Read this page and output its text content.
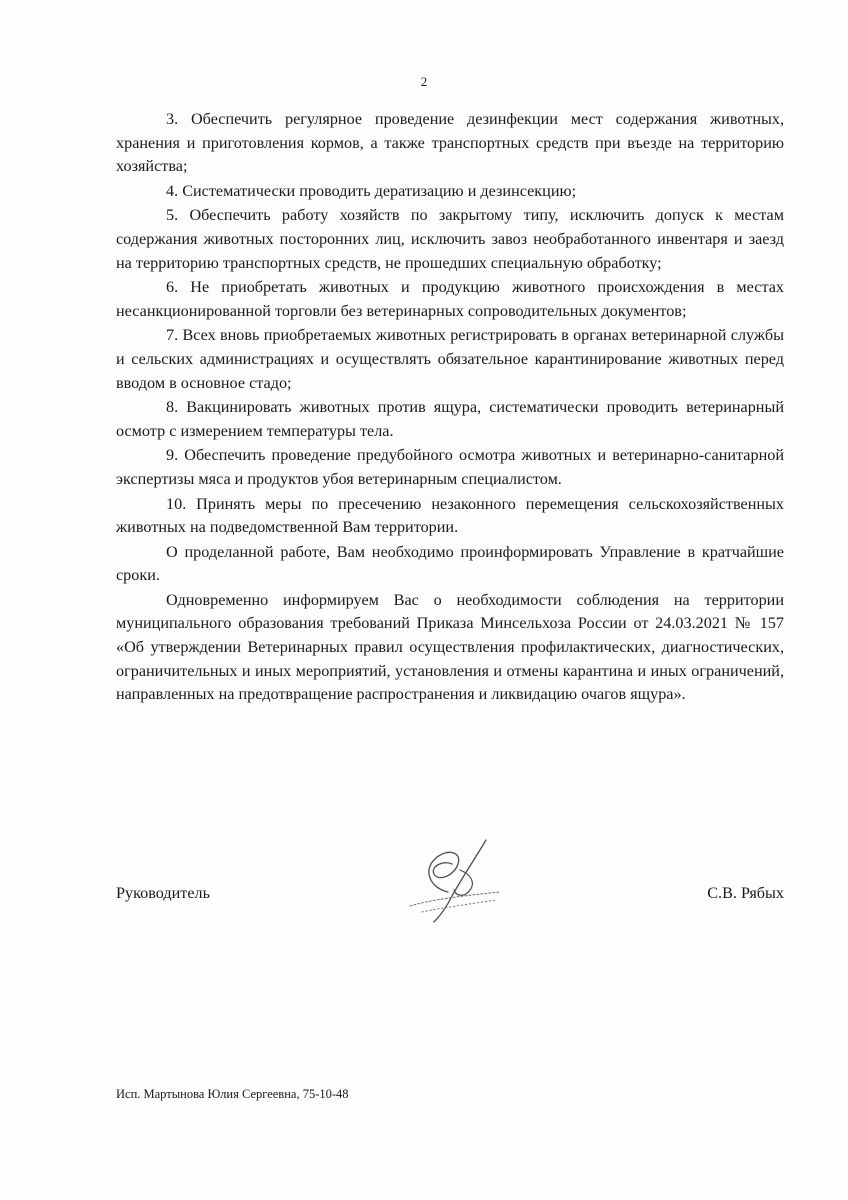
2

3. Обеспечить регулярное проведение дезинфекции мест содержания животных, хранения и приготовления кормов, а также транспортных средств при въезде на территорию хозяйства;

4. Систематически проводить дератизацию и дезинсекцию;

5. Обеспечить работу хозяйств по закрытому типу, исключить допуск к местам содержания животных посторонних лиц, исключить завоз необработанного инвентаря и заезд на территорию транспортных средств, не прошедших специальную обработку;

6. Не приобретать животных и продукцию животного происхождения в местах несанкционированной торговли без ветеринарных сопроводительных документов;

7. Всех вновь приобретаемых животных регистрировать в органах ветеринарной службы и сельских администрациях и осуществлять обязательное карантинирование животных перед вводом в основное стадо;

8. Вакцинировать животных против ящура, систематически проводить ветеринарный осмотр с измерением температуры тела.

9. Обеспечить проведение предубойного осмотра животных и ветеринарно-санитарной экспертизы мяса и продуктов убоя ветеринарным специалистом.

10. Принять меры по пресечению незаконного перемещения сельскохозяйственных животных на подведомственной Вам территории.

О проделанной работе, Вам необходимо проинформировать Управление в кратчайшие сроки.

Одновременно информируем Вас о необходимости соблюдения на территории муниципального образования требований Приказа Минсельхоза России от 24.03.2021 № 157 «Об утверждении Ветеринарных правил осуществления профилактических, диагностических, ограничительных и иных мероприятий, установления и отмены карантина и иных ограничений, направленных на предотвращение распространения и ликвидацию очагов ящура».

Руководитель	С.В. Рябых
Исп. Мартынова Юлия Сергеевна, 75-10-48
